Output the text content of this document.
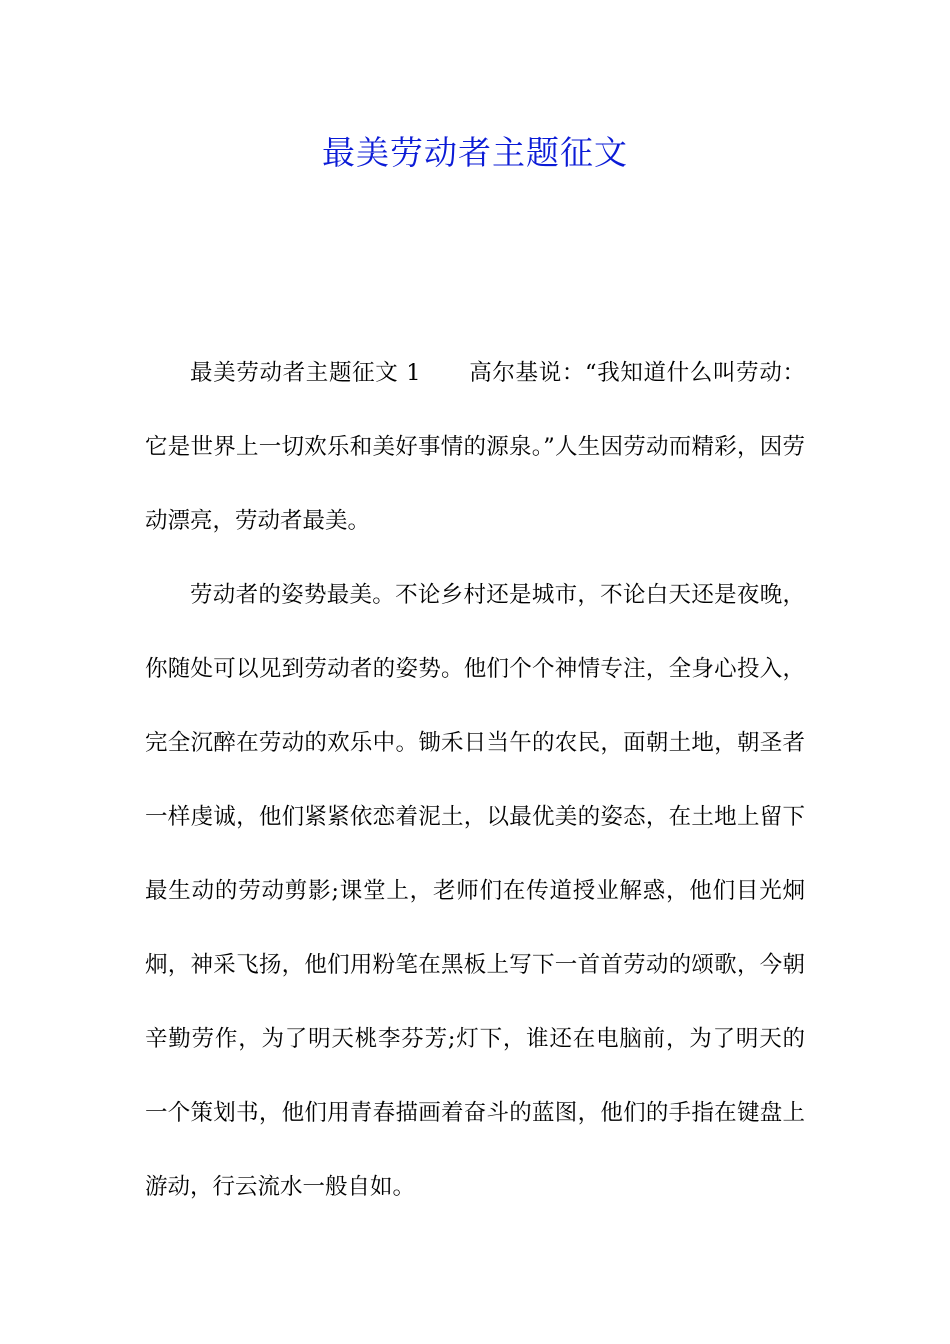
最美劳动者主题征文

最美劳动者主题征文 1 高尔基说：“我知道什么叫劳动：它是世界上一切欢乐和美好事情的源泉。”人生因劳动而精彩，因劳动漂亮，劳动者最美。

劳动者的姿势最美。不论乡村还是城市，不论白天还是夜晚，你随处可以见到劳动者的姿势。他们个个神情专注，全身心投入，完全沉醉在劳动的欢乐中。锄禾日当午的农民，面朝土地，朝圣者一样虔诚，他们紧紧依恋着泥土，以最优美的姿态，在土地上留下最生动的劳动剪影;课堂上，老师们在传道授业解惑，他们目光炯炯，神采飞扬，他们用粉笔在黑板上写下一首首劳动的颂歌，今朝辛勤劳作，为了明天桃李芬芳;灯下，谁还在电脑前，为了明天的一个策划书，他们用青春描画着奋斗的蓝图，他们的手指在键盘上游动，行云流水一般自如。
